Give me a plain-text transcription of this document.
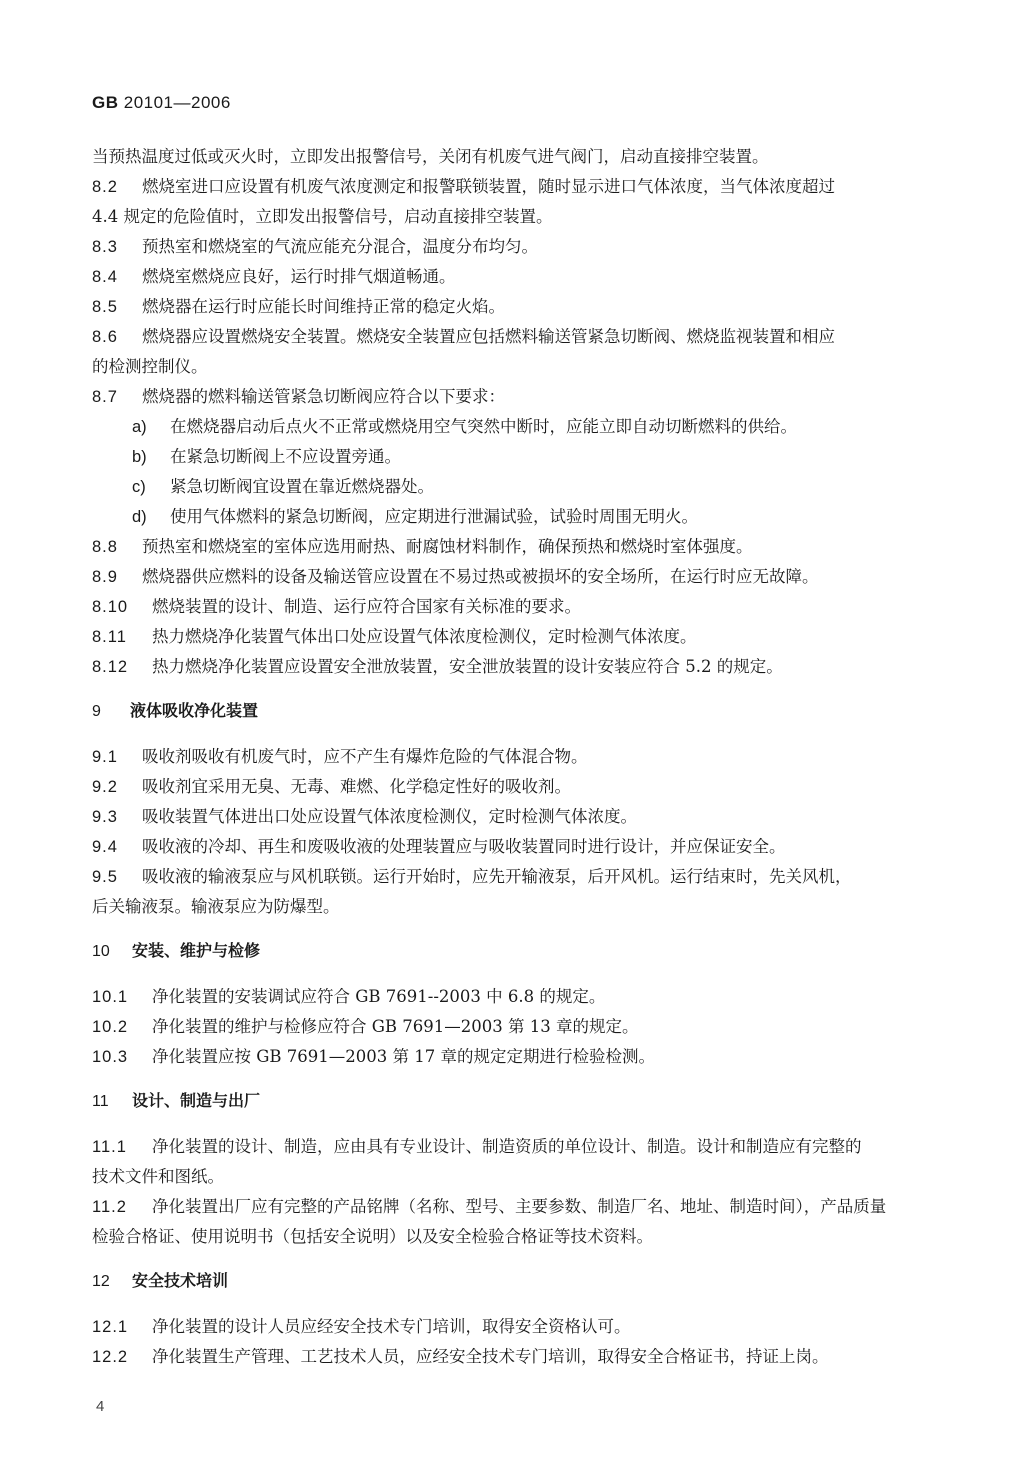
GB 20101—2006
当预热温度过低或灭火时，立即发出报警信号，关闭有机废气进气阀门，启动直接排空装置。
8.2 燃烧室进口应设置有机废气浓度测定和报警联锁装置，随时显示进口气体浓度，当气体浓度超过
4.4 规定的危险值时，立即发出报警信号，启动直接排空装置。
8.3 预热室和燃烧室的气流应能充分混合，温度分布均匀。
8.4 燃烧室燃烧应良好，运行时排气烟道畅通。
8.5 燃烧器在运行时应能长时间维持正常的稳定火焰。
8.6 燃烧器应设置燃烧安全装置。燃烧安全装置应包括燃料输送管紧急切断阀、燃烧监视装置和相应
的检测控制仪。
8.7 燃烧器的燃料输送管紧急切断阀应符合以下要求：
a) 在燃烧器启动后点火不正常或燃烧用空气突然中断时，应能立即自动切断燃料的供给。
b) 在紧急切断阀上不应设置旁通。
c) 紧急切断阀宜设置在靠近燃烧器处。
d) 使用气体燃料的紧急切断阀，应定期进行泄漏试验，试验时周围无明火。
8.8 预热室和燃烧室的室体应选用耐热、耐腐蚀材料制作，确保预热和燃烧时室体强度。
8.9 燃烧器供应燃料的设备及输送管应设置在不易过热或被损坏的安全场所，在运行时应无故障。
8.10 燃烧装置的设计、制造、运行应符合国家有关标准的要求。
8.11 热力燃烧净化装置气体出口处应设置气体浓度检测仪，定时检测气体浓度。
8.12 热力燃烧净化装置应设置安全泄放装置，安全泄放装置的设计安装应符合 5.2 的规定。
9 液体吸收净化装置
9.1 吸收剂吸收有机废气时，应不产生有爆炸危险的气体混合物。
9.2 吸收剂宜采用无臭、无毒、难燃、化学稳定性好的吸收剂。
9.3 吸收装置气体进出口处应设置气体浓度检测仪，定时检测气体浓度。
9.4 吸收液的冷却、再生和废吸收液的处理装置应与吸收装置同时进行设计，并应保证安全。
9.5 吸收液的输液泵应与风机联锁。运行开始时，应先开输液泵，后开风机。运行结束时，先关风机，
后关输液泵。输液泵应为防爆型。
10 安装、维护与检修
10.1 净化装置的安装调试应符合 GB 7691--2003 中 6.8 的规定。
10.2 净化装置的维护与检修应符合 GB 7691—2003 第 13 章的规定。
10.3 净化装置应按 GB 7691—2003 第 17 章的规定定期进行检验检测。
11 设计、制造与出厂
11.1 净化装置的设计、制造，应由具有专业设计、制造资质的单位设计、制造。设计和制造应有完整的
技术文件和图纸。
11.2 净化装置出厂应有完整的产品铭牌（名称、型号、主要参数、制造厂名、地址、制造时间），产品质量
检验合格证、使用说明书（包括安全说明）以及安全检验合格证等技术资料。
12 安全技术培训
12.1 净化装置的设计人员应经安全技术专门培训，取得安全资格认可。
12.2 净化装置生产管理、工艺技术人员，应经安全技术专门培训，取得安全合格证书，持证上岗。
4
